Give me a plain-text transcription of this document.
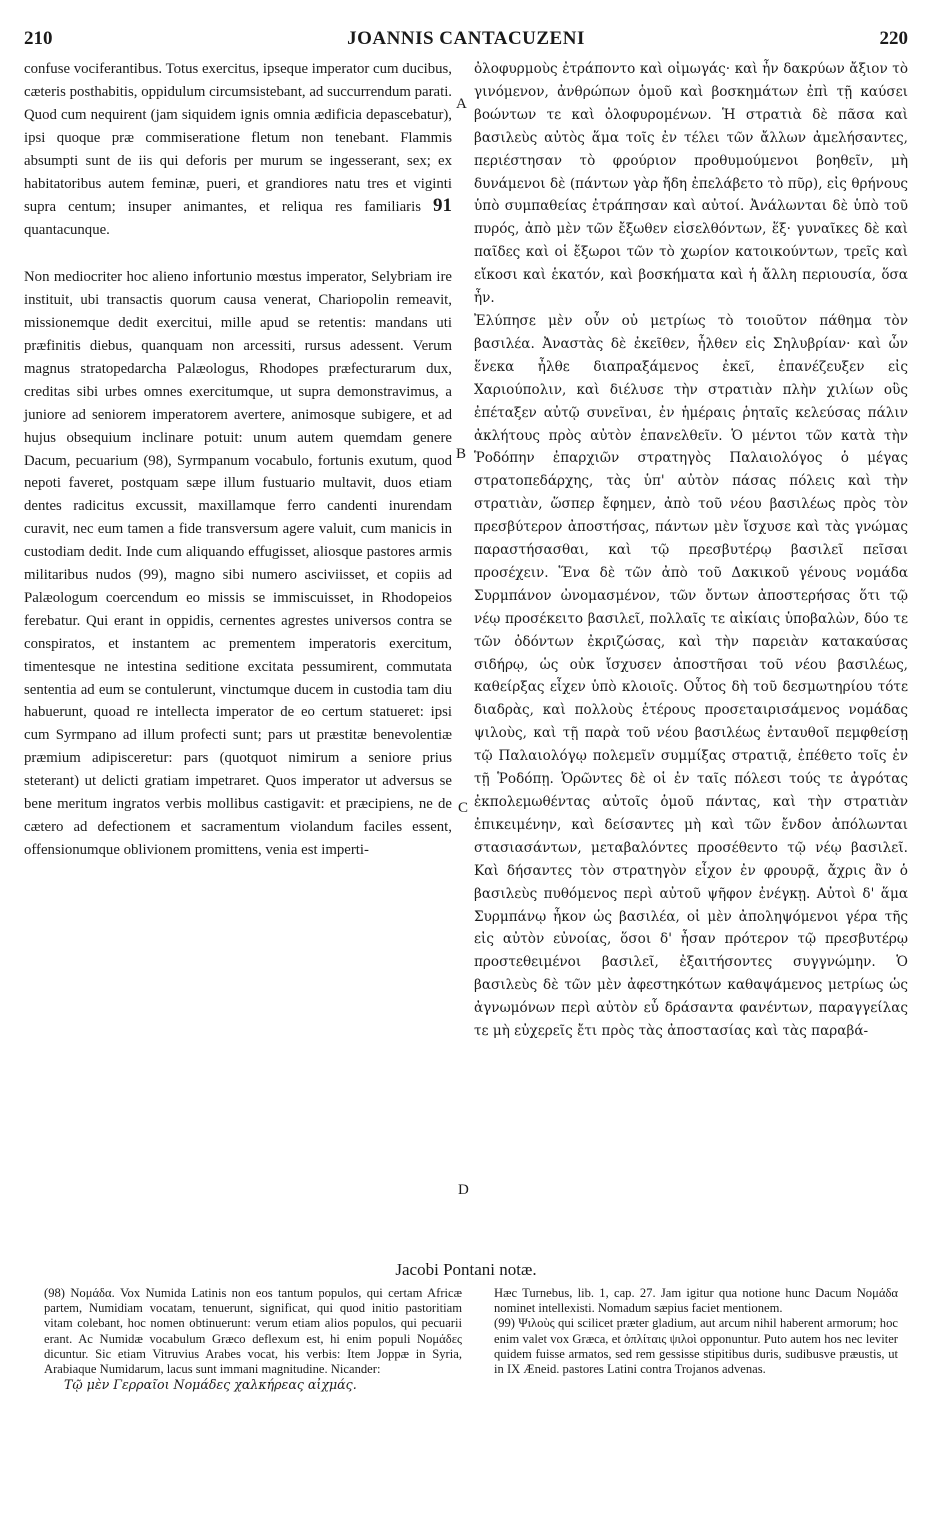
210	JOANNIS CANTACUZENI	220

confuse vociferantibus. Totus exercitus, ipseque imperator cum ducibus, cæteris posthabitis, oppidulum circumsistebant, ad succurrendum parati. Quod cum nequirent (jam siquidem ignis omnia ædificia depascebatur), ipsi quoque præ commiseratione fletum non tenebant. Flammis absumpti sunt de iis qui deforis per murum se ingesserant, sex; ex habitatoribus autem feminæ, pueri, et grandiores natu tres et viginti supra centum; insuper animantes, et reliqua res familiaris 91 quantacunque.

Non mediocriter hoc alieno infortunio mœstus imperator, Selybriam ire instituit, ubi transactis quorum causa venerat, Chariopolin remeavit, missionemque dedit exercitui, mille apud se retentis: mandans uti præfinitis diebus, quanquam non arcessiti, rursus adessent. Verum magnus stratopedarcha Palæologus, Rhodopes præfecturarum dux, creditas sibi urbes omnes exercitumque, ut supra demonstravimus, a juniore ad seniorem imperatorem avertere, animosque subigere, et ad hujus obsequium inclinare potuit: unum autem quemdam genere Dacum, pecuarium (98), Syrmpanum vocabulo, fortunis exutum, quod nepoti faveret, postquam sæpe illum fustuario multavit, duos etiam dentes radicitus excussit, maxillamque ferro candenti inurendam curavit, nec eum tamen a fide transversum agere valuit, cum manicis in custodiam dedit. Inde cum aliquando effugisset, aliosque pastores armis militaribus nudos (99), magno sibi numero asciviisset, et copiis ad Palæologum coercendum eo missis se immiscuisset, in Rhodopeios ferebatur. Qui erant in oppidis, cernentes agrestes universos contra se conspiratos, et instantem ac prementem imperatoris exercitum, timentesque ne intestina seditione excitata pessumirent, commutata sententia ad eum se contulerunt, vinctumque ducem in custodia tam diu habuerunt, quoad re intellecta imperator de eo certum statueret: ipsi cum Syrmpano ad illum profecti sunt; pars ut præstitæ benevolentiæ præmium adipisceretur: pars (quotquot nimirum a seniore prius steterant) ut delicti gratiam impetraret. Quos imperator ut adversus se bene meritum ingratos verbis mollibus castigavit: et præcipiens, ne de cætero ad defectionem et sacramentum violandum faciles essent, offensionumque oblivionem promittens, venia est imperti-

A
B
C
D

ὀλοφυρμοὺς ἐτράποντο καὶ οἰμωγάς· καὶ ἦν δακρύων ἄξιον τὸ γινόμενον, ἀνθρώπων ὁμοῦ καὶ βοσκημάτων ἐπὶ τῇ καύσει βοώντων τε καὶ ὀλοφυρομένων. Ἡ στρατιὰ δὲ πᾶσα καὶ βασιλεὺς αὐτὸς ἅμα τοῖς ἐν τέλει τῶν ἄλλων ἀμελήσαντες, περιέστησαν τὸ φρούριον προθυμούμενοι βοηθεῖν, μὴ δυνάμενοι δὲ (πάντων γὰρ ἤδη ἐπελάβετο τὸ πῦρ), εἰς θρήνους ὑπὸ συμπαθείας ἐτράπησαν καὶ αὐτοί. Ἀνάλωνται δὲ ὑπὸ τοῦ πυρός, ἀπὸ μὲν τῶν ἔξωθεν εἰσελθόντων, ἕξ· γυναῖκες δὲ καὶ παῖδες καὶ οἱ ἔξωροι τῶν τὸ χωρίον κατοικούντων, τρεῖς καὶ εἴκοσι καὶ ἑκατόν, καὶ βοσκήματα καὶ ἡ ἄλλη περιουσία, ὅσα ἦν.

Ἐλύπησε μὲν οὖν οὐ μετρίως τὸ τοιοῦτον πάθημα τὸν βασιλέα. Ἀναστὰς δὲ ἐκεῖθεν, ἦλθεν εἰς Σηλυβρίαν· καὶ ὧν ἕνεκα ἦλθε διαπραξάμενος ἐκεῖ, ἐπανέζευξεν εἰς Χαριούπολιν, καὶ διέλυσε τὴν στρατιὰν πλὴν χιλίων οὓς ἐπέταξεν αὐτῷ συνεῖναι, ἐν ἡμέραις ῥηταῖς κελεύσας πάλιν ἀκλήτους πρὸς αὐτὸν ἐπανελθεῖν. Ὁ μέντοι τῶν κατὰ τὴν Ῥοδόπην ἐπαρχιῶν στρατηγὸς Παλαιολόγος ὁ μέγας στρατοπεδάρχης, τὰς ὑπ' αὐτὸν πάσας πόλεις καὶ τὴν στρατιὰν, ὥσπερ ἔφημεν, ἀπὸ τοῦ νέου βασιλέως πρὸς τὸν πρεσβύτερον ἀποστήσας, πάντων μὲν ἴσχυσε καὶ τὰς γνώμας παραστήσασθαι, καὶ τῷ πρεσβυτέρῳ βασιλεῖ πεῖσαι προσέχειν. Ἕνα δὲ τῶν ἀπὸ τοῦ Δακικοῦ γένους νομάδα Συρμπάνον ὠνομασμένον, τῶν ὄντων ἀποστερήσας ὅτι τῷ νέῳ προσέκειτο βασιλεῖ, πολλαῖς τε αἰκίαις ὑποβαλὼν, δύο τε τῶν ὀδόντων ἐκριζώσας, καὶ τὴν παρειὰν κατακαύσας σιδήρῳ, ὡς οὐκ ἴσχυσεν ἀποστῆσαι τοῦ νέου βασιλέως, καθείρξας εἶχεν ὑπὸ κλοιοῖς. Οὗτος δὴ τοῦ δεσμωτηρίου τότε διαδρὰς, καὶ πολλοὺς ἑτέρους προσεταιρισάμενος νομάδας ψιλοὺς, καὶ τῇ παρὰ τοῦ νέου βασιλέως ἐνταυθοῖ πεμφθείσῃ τῷ Παλαιολόγῳ πολεμεῖν συμμίξας στρατιᾷ, ἐπέθετο τοῖς ἐν τῇ Ῥοδόπῃ. Ὁρῶντες δὲ οἱ ἐν ταῖς πόλεσι τούς τε ἀγρότας ἐκπολεμωθέντας αὐτοῖς ὁμοῦ πάντας, καὶ τὴν στρατιὰν ἐπικειμένην, καὶ δείσαντες μὴ καὶ τῶν ἔνδον ἀπόλωνται στασιασάντων, μεταβαλόντες προσέθεντο τῷ νέῳ βασιλεῖ. Καὶ δήσαντες τὸν στρατηγὸν εἶχον ἐν φρουρᾷ, ἄχρις ἂν ὁ βασιλεὺς πυθόμενος περὶ αὐτοῦ ψῆφον ἐνέγκῃ. Αὐτοὶ δ' ἅμα Συρμπάνῳ ἧκον ὡς βασιλέα, οἱ μὲν ἀποληψόμενοι γέρα τῆς εἰς αὐτὸν εὐνοίας, ὅσοι δ' ἦσαν πρότερον τῷ πρεσβυτέρῳ προστεθειμένοι βασιλεῖ, ἐξαιτήσοντες συγγνώμην. Ὁ βασιλεὺς δὲ τῶν μὲν ἀφεστηκότων καθαψάμενος μετρίως ὡς ἀγνωμόνων περὶ αὐτὸν εὖ δράσαντα φανέντων, παραγγείλας τε μὴ εὐχερεῖς ἔτι πρὸς τὰς ἀποστασίας καὶ τὰς παραβά-

Jacobi Pontani notæ.

(98) Νομάδα. Vox Numida Latinis non eos tantum populos, qui certam Africæ partem, Numidiam vocatam, tenuerunt, significat, qui quod initio pastoritiam vitam colebant, hoc nomen obtinuerunt: verum etiam alios populos, qui pecuarii erant. Ac Numidæ vocabulum Græco deflexum est, hi enim populi Νομάδες dicuntur. Sic etiam Vitruvius Arabes vocat, his verbis: Item Joppæ in Syria, Arabiaque Numidarum, lacus sunt immani magnitudine. Nicander:

Τῷ μὲν Γερραῖοι Νομάδες χαλκήρεας αἰχμάς.

Hæc Turnebus, lib. 1, cap. 27. Jam igitur qua notione hunc Dacum Νομάδα nominet intellexisti. Nomadum sæpius faciet mentionem.

(99) Ψιλοὺς qui scilicet præter gladium, aut arcum nihil haberent armorum; hoc enim valet vox Græca, et ὁπλίταις ψιλοὶ opponuntur. Puto autem hos nec leviter quidem fuisse armatos, sed rem gessisse stipitibus duris, sudibusve præustis, ut in IX Æneid. pastores Latini contra Trojanos advenas.
